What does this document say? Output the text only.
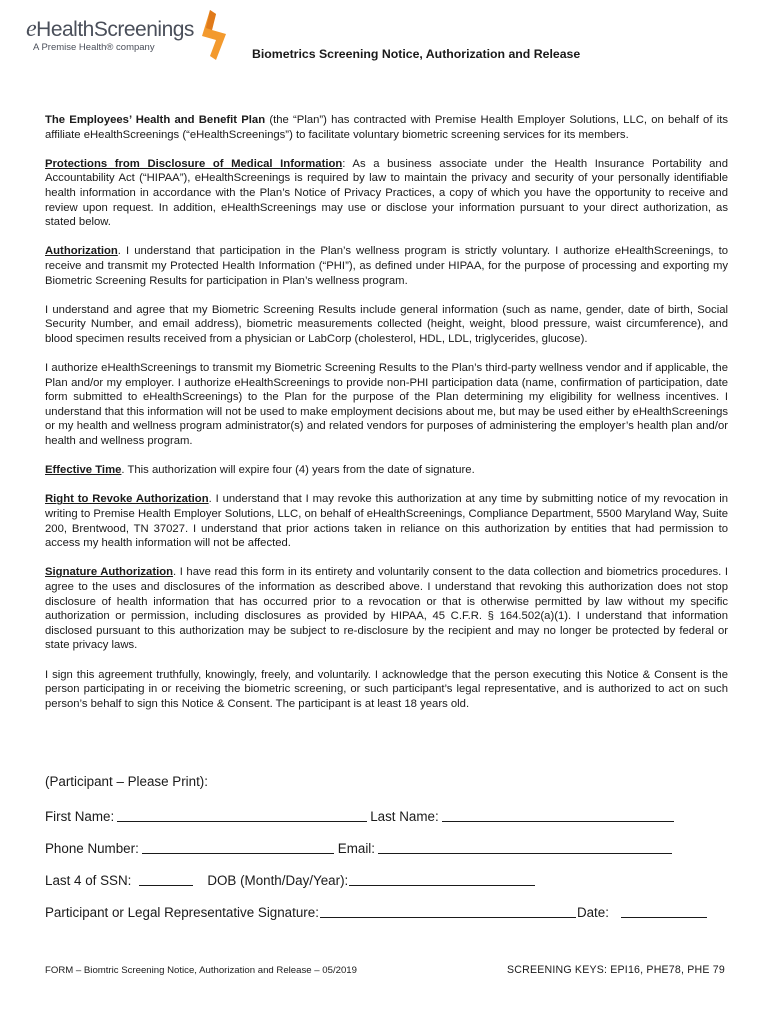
eHealthScreenings
A Premise Health® company	Biometrics Screening Notice, Authorization and Release

The Employees’ Health and Benefit Plan (the “Plan”) has contracted with Premise Health Employer Solutions, LLC, on behalf of its affiliate eHealthScreenings (“eHealthScreenings”) to facilitate voluntary biometric screening services for its members.

Protections from Disclosure of Medical Information: As a business associate under the Health Insurance Portability and Accountability Act (“HIPAA”), eHealthScreenings is required by law to maintain the privacy and security of your personally identifiable health information in accordance with the Plan’s Notice of Privacy Practices, a copy of which you have the opportunity to receive and review upon request. In addition, eHealthScreenings may use or disclose your information pursuant to your direct authorization, as stated below.

Authorization. I understand that participation in the Plan’s wellness program is strictly voluntary. I authorize eHealthScreenings, to receive and transmit my Protected Health Information (“PHI”), as defined under HIPAA, for the purpose of processing and exporting my Biometric Screening Results for participation in Plan’s wellness program.

I understand and agree that my Biometric Screening Results include general information (such as name, gender, date of birth, Social Security Number, and email address), biometric measurements collected (height, weight, blood pressure, waist circumference), and blood specimen results received from a physician or LabCorp (cholesterol, HDL, LDL, triglycerides, glucose).

I authorize eHealthScreenings to transmit my Biometric Screening Results to the Plan’s third-party wellness vendor and if applicable, the Plan and/or my employer. I authorize eHealthScreenings to provide non-PHI participation data (name, confirmation of participation, date form submitted to eHealthScreenings) to the Plan for the purpose of the Plan determining my eligibility for wellness incentives. I understand that this information will not be used to make employment decisions about me, but may be used either by eHealthScreenings or my health and wellness program administrator(s) and related vendors for purposes of administering the employer’s health plan and/or health and wellness program.

Effective Time. This authorization will expire four (4) years from the date of signature.

Right to Revoke Authorization. I understand that I may revoke this authorization at any time by submitting notice of my revocation in writing to Premise Health Employer Solutions, LLC, on behalf of eHealthScreenings, Compliance Department, 5500 Maryland Way, Suite 200, Brentwood, TN 37027. I understand that prior actions taken in reliance on this authorization by entities that had permission to access my health information will not be affected.

Signature Authorization. I have read this form in its entirety and voluntarily consent to the data collection and biometrics procedures. I agree to the uses and disclosures of the information as described above. I understand that revoking this authorization does not stop disclosure of health information that has occurred prior to a revocation or that is otherwise permitted by law without my specific authorization or permission, including disclosures as provided by HIPAA, 45 C.F.R. § 164.502(a)(1). I understand that information disclosed pursuant to this authorization may be subject to re-disclosure by the recipient and may no longer be protected by federal or state privacy laws.

I sign this agreement truthfully, knowingly, freely, and voluntarily. I acknowledge that the person executing this Notice & Consent is the person participating in or receiving the biometric screening, or such participant’s legal representative, and is authorized to act on such person’s behalf to sign this Notice & Consent. The participant is at least 18 years old.

(Participant – Please Print):
First Name:	Last Name:
Phone Number:	Email:
Last 4 of SSN:	DOB (Month/Day/Year):
Participant or Legal Representative Signature:	Date:
FORM – Biomtric Screening Notice, Authorization and Release – 05/2019	SCREENING KEYS: EPI16, PHE78, PHE 79
